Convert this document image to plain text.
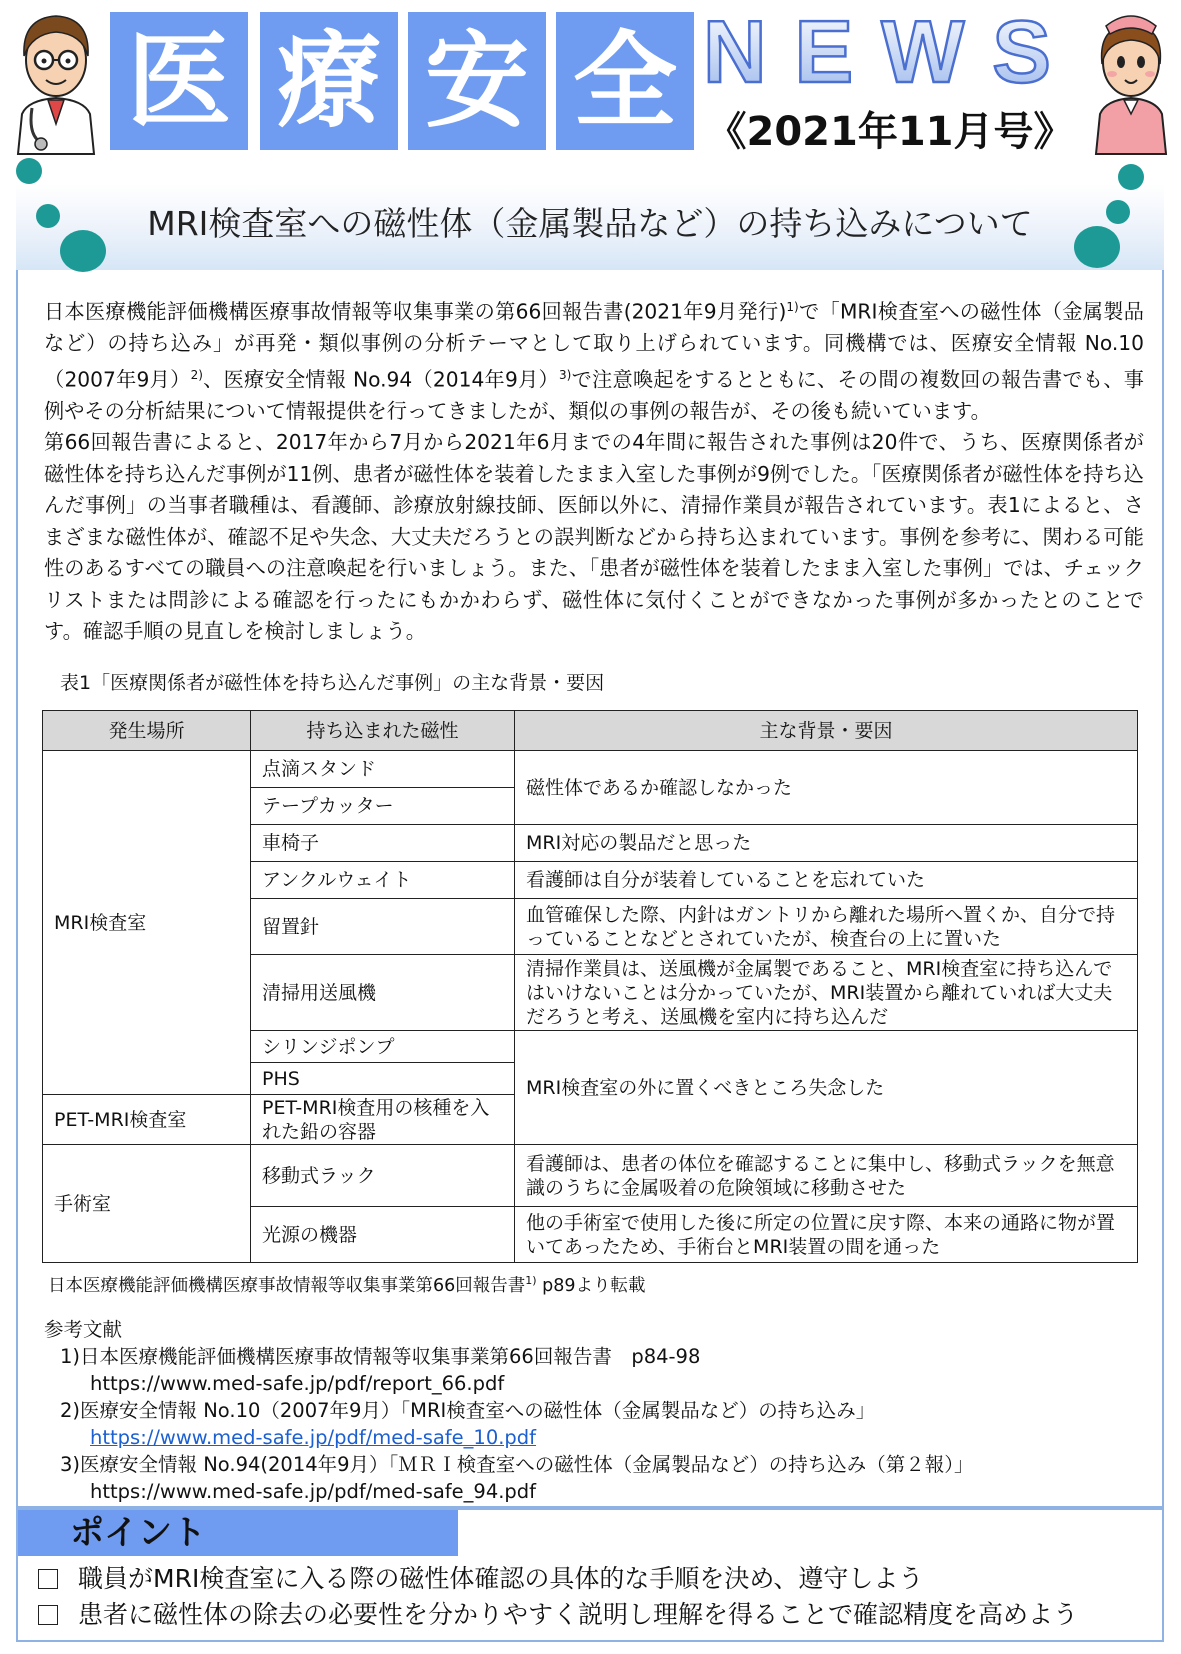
医 療 安 全 NEWS
《2021年11月号》
MRI検査室への磁性体（金属製品など）の持ち込みについて

日本医療機能評価機構医療事故情報等収集事業の第66回報告書(2021年9月発行)$^{1)}$で「MRI検査室への磁性体（金属製品など）の持ち込み」が再発・類似事例の分析テーマとして取り上げられています。同機構では、医療安全情報 No.10（2007年9月）$^{2)}$、医療安全情報 No.94（2014年9月）$^{3)}$で注意喚起をするとともに、その間の複数回の報告書でも、事例やその分析結果について情報提供を行ってきましたが、類似の事例の報告が、その後も続いています。

第66回報告書によると、2017年から7月から2021年6月までの4年間に報告された事例は20件で、うち、医療関係者が磁性体を持ち込んだ事例が11例、患者が磁性体を装着したまま入室した事例が9例でした。「医療関係者が磁性体を持ち込んだ事例」の当事者職種は、看護師、診療放射線技師、医師以外に、清掃作業員が報告されています。表1によると、さまざまな磁性体が、確認不足や失念、大丈夫だろうとの誤判断などから持ち込まれています。事例を参考に、関わる可能性のあるすべての職員への注意喚起を行いましょう。また、「患者が磁性体を装着したまま入室した事例」では、チェックリストまたは問診による確認を行ったにもかかわらず、磁性体に気付くことができなかった事例が多かったとのことです。確認手順の見直しを検討しましょう。

表1「医療関係者が磁性体を持ち込んだ事例」の主な背景・要因
発生場所	持ち込まれた磁性	主な背景・要因
MRI検査室	点滴スタンド	磁性体であるか確認しなかった
	テープカッター	
	車椅子	MRI対応の製品だと思った
	アンクルウェイト	看護師は自分が装着していることを忘れていた
	留置針	血管確保した際、内針はガントリから離れた場所へ置くか、自分で持っていることなどとされていたが、検査台の上に置いた
	清掃用送風機	清掃作業員は、送風機が金属製であること、MRI検査室に持ち込んではいけないことは分かっていたが、MRI装置から離れていれば大丈夫だろうと考え、送風機を室内に持ち込んだ
	シリンジポンプ	MRI検査室の外に置くべきところ失念した
	PHS	
PET-MRI検査室	PET-MRI検査用の核種を入れた鉛の容器	
手術室	移動式ラック	看護師は、患者の体位を確認することに集中し、移動式ラックを無意識のうちに金属吸着の危険領域に移動させた
	光源の機器	他の手術室で使用した後に所定の位置に戻す際、本来の通路に物が置いてあったため、手術台とMRI装置の間を通った
日本医療機能評価機構医療事故情報等収集事業第66回報告書$^{1)}$ p89より転載
参考文献
1)日本医療機能評価機構医療事故情報等収集事業第66回報告書　p84-98
https://www.med-safe.jp/pdf/report_66.pdf
2)医療安全情報 No.10（2007年9月）「MRI検査室への磁性体（金属製品など）の持ち込み」
https://www.med-safe.jp/pdf/med-safe_10.pdf
3)医療安全情報 No.94(2014年9月）「ＭＲＩ検査室への磁性体（金属製品など）の持ち込み（第２報）」
https://www.med-safe.jp/pdf/med-safe_94.pdf
ポイント
職員がMRI検査室に入る際の磁性体確認の具体的な手順を決め、遵守しよう
患者に磁性体の除去の必要性を分かりやすく説明し理解を得ることで確認精度を高めよう
